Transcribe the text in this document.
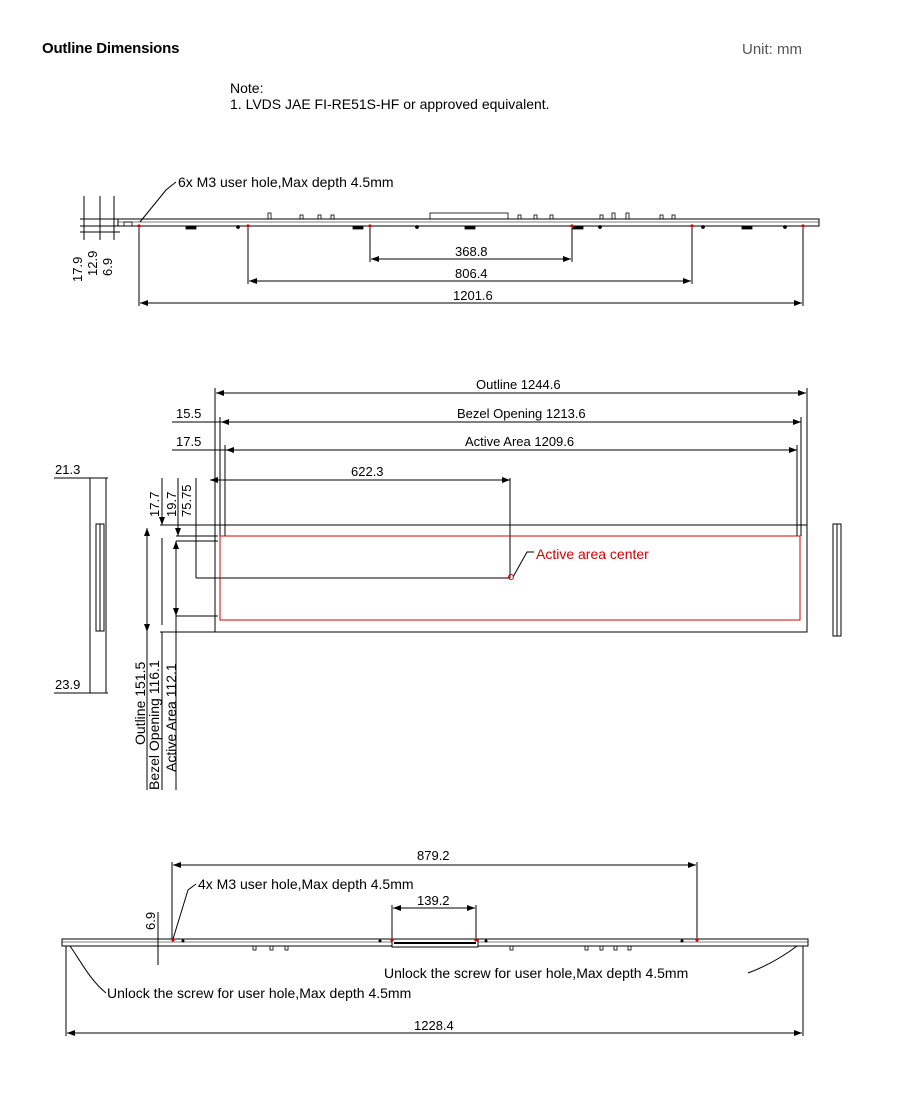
Outline Dimensions	Unit: mm
Note:
1. LVDS JAE FI-RE51S-HF or approved equivalent.
6x M3 user hole,Max depth 4.5mm
368.8
806.4
1201.6
17.9 12.9 6.9
Outline 1244.6
Bezel Opening 1213.6
Active Area 1209.6
15.5
17.5
622.3
21.3
23.9
17.7 19.7 75.75
Active area center
Outline 151.5
Bezel Opening 116.1 Active Area 112.1
879.2
4x M3 user hole,Max depth 4.5mm
139.2
6.9
Unlock the screw for user hole,Max depth 4.5mm
Unlock the screw for user hole,Max depth 4.5mm
1228.4
